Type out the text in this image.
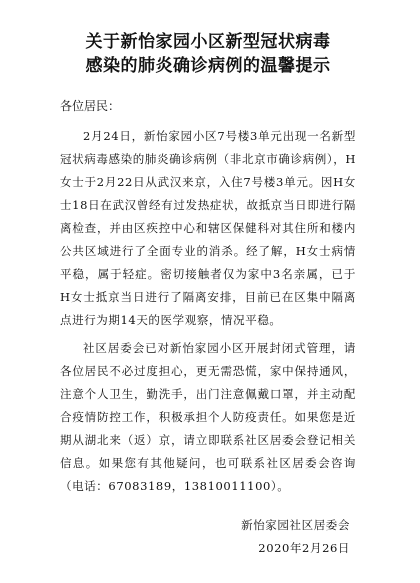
关于新怡家园小区新型冠状病毒
感染的肺炎确诊病例的温馨提示

各位居民：

2月24日，新怡家园小区7号楼3单元出现一名新型冠状病毒感染的肺炎确诊病例（非北京市确诊病例），H女士于2月22日从武汉来京，入住7号楼3单元。因H女士18日在武汉曾经有过发热症状，故抵京当日即进行隔离检查，并由区疾控中心和辖区保健科对其住所和楼内公共区域进行了全面专业的消杀。经了解，H女士病情平稳，属于轻症。密切接触者仅为家中3名亲属，已于H女士抵京当日进行了隔离安排，目前已在区集中隔离点进行为期14天的医学观察，情况平稳。

社区居委会已对新怡家园小区开展封闭式管理，请各位居民不必过度担心，更无需恐慌，家中保持通风，注意个人卫生，勤洗手，出门注意佩戴口罩，并主动配合疫情防控工作，积极承担个人防疫责任。如果您是近期从湖北来（返）京，请立即联系社区居委会登记相关信息。如果您有其他疑问，也可联系社区居委会咨询（电话：67083189，13810011100）。

新怡家园社区居委会
2020年2月26日
